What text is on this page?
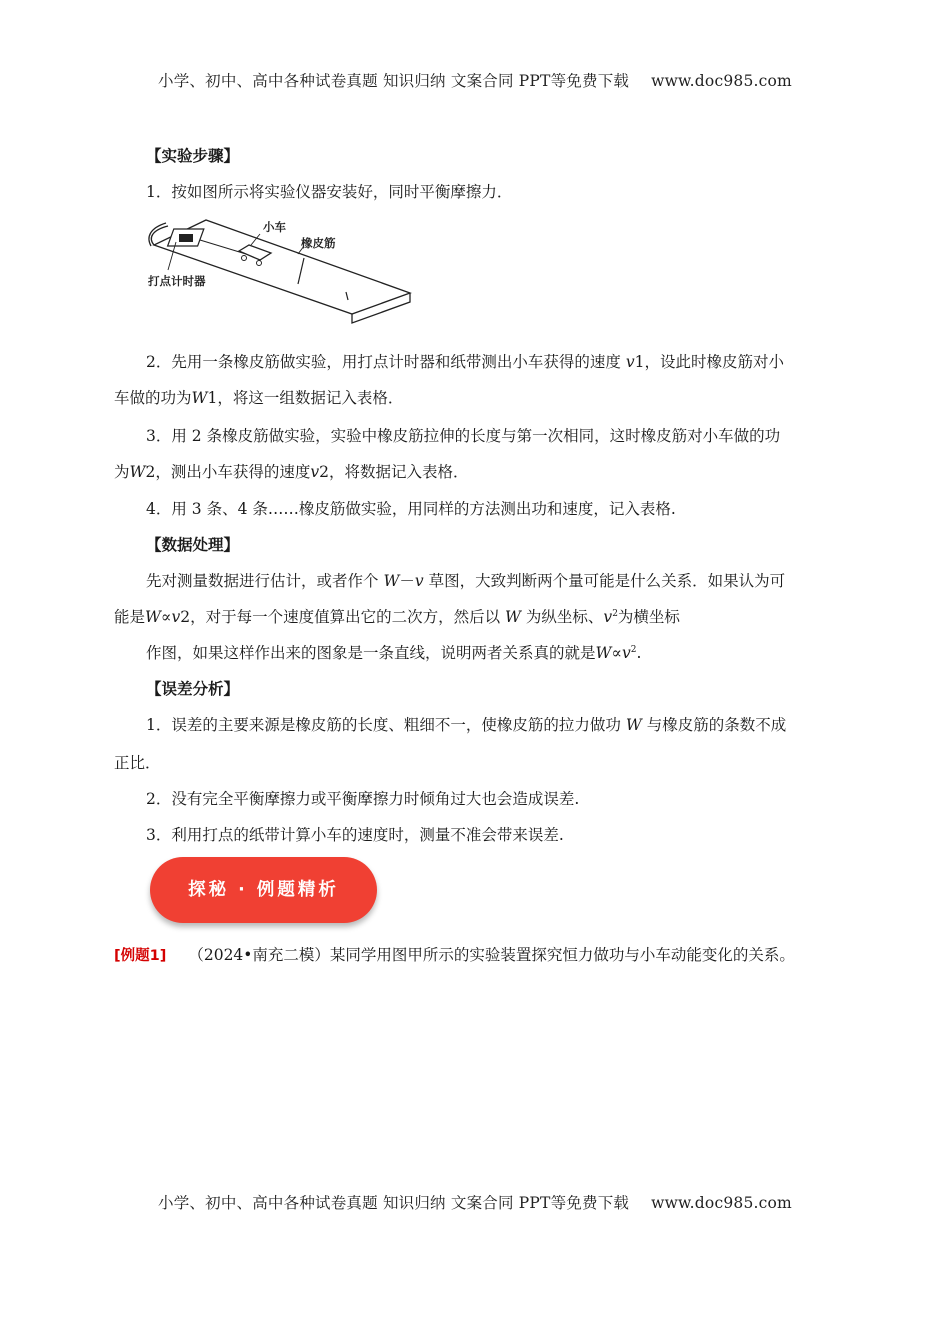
小学、初中、高中各种试卷真题 知识归纳 文案合同 PPT等免费下载 www.doc985.com
【实验步骤】
1．按如图所示将实验仪器安装好，同时平衡摩擦力．
小车
橡皮筋
打点计时器
2．先用一条橡皮筋做实验，用打点计时器和纸带测出小车获得的速度 v1，设此时橡皮筋对小
车做的功为W1，将这一组数据记入表格．
3．用 2 条橡皮筋做实验，实验中橡皮筋拉伸的长度与第一次相同，这时橡皮筋对小车做的功
为W2，测出小车获得的速度v2，将数据记入表格．
4．用 3 条、4 条……橡皮筋做实验，用同样的方法测出功和速度，记入表格.
【数据处理】
先对测量数据进行估计，或者作个 W－v 草图，大致判断两个量可能是什么关系．如果认为可
能是W∝v2，对于每一个速度值算出它的二次方，然后以 W 为纵坐标、$v^2$为横坐标
作图，如果这样作出来的图象是一条直线，说明两者关系真的就是$W\propto v^2$.
【误差分析】
1．误差的主要来源是橡皮筋的长度、粗细不一，使橡皮筋的拉力做功 W 与橡皮筋的条数不成
正比．
2．没有完全平衡摩擦力或平衡摩擦力时倾角过大也会造成误差.
3．利用打点的纸带计算小车的速度时，测量不准会带来误差.
探秘 · 例题精析
[例题1] （2024•南充二模）某同学用图甲所示的实验装置探究恒力做功与小车动能变化的关系。
小学、初中、高中各种试卷真题 知识归纳 文案合同 PPT等免费下载 www.doc985.com
